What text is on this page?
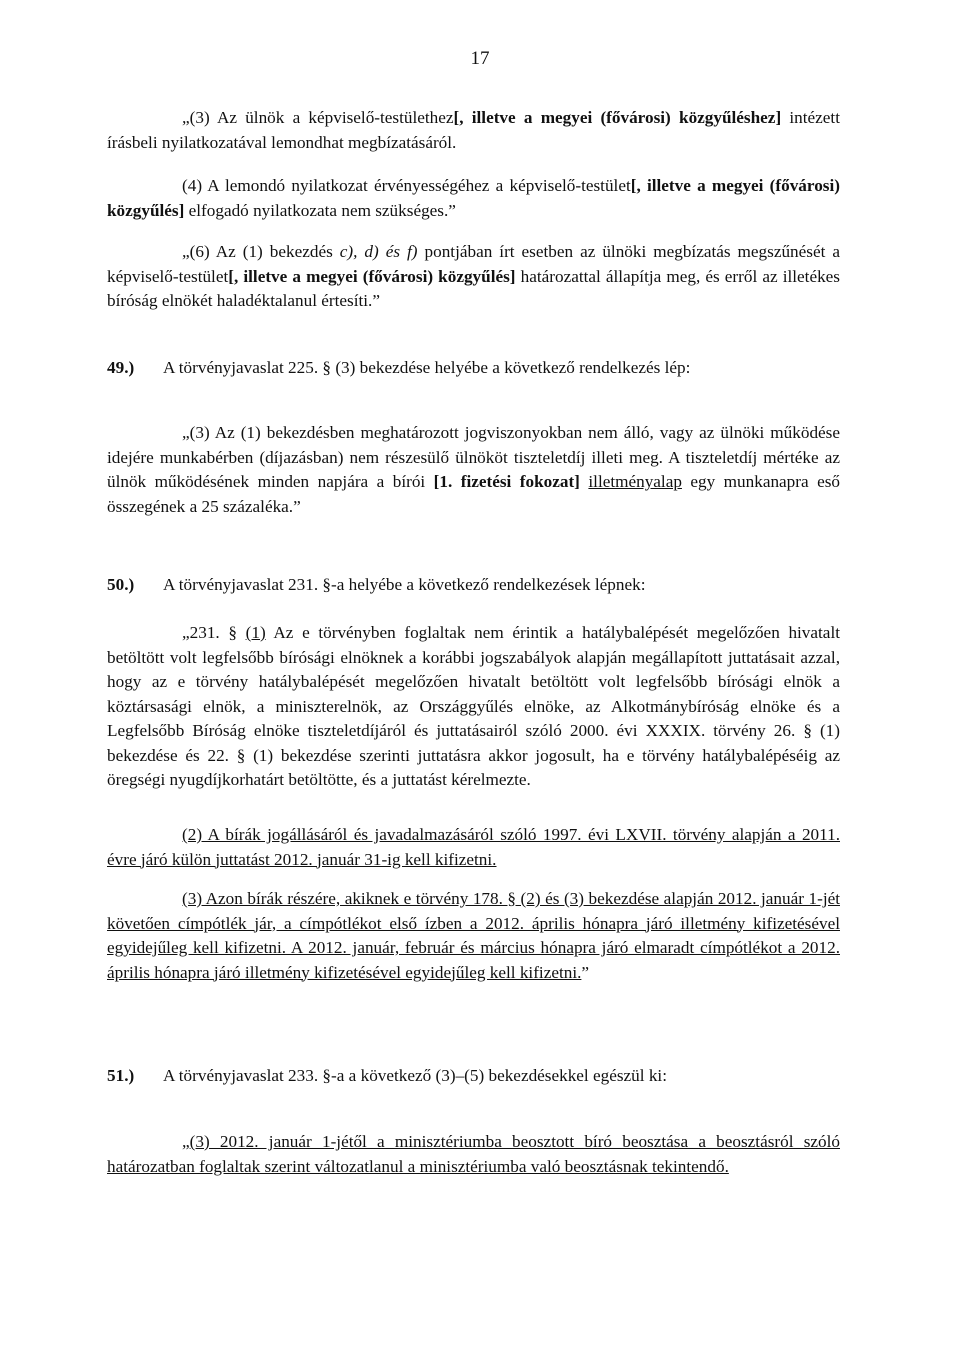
17

„(3) Az ülnök a képviselő-testülethez[, illetve a megyei (fővárosi) közgyűléshez] intézett írásbeli nyilatkozatával lemondhat megbízatásáról.

(4) A lemondó nyilatkozat érvényességéhez a képviselő-testület[, illetve a megyei (fővárosi) közgyűlés] elfogadó nyilatkozata nem szükséges.”

„(6) Az (1) bekezdés c), d) és f) pontjában írt esetben az ülnöki megbízatás megszűnését a képviselő-testület[, illetve a megyei (fővárosi) közgyűlés] határozattal állapítja meg, és erről az illetékes bíróság elnökét haladéktalanul értesíti.”

49.) A törvényjavaslat 225. § (3) bekezdése helyébe a következő rendelkezés lép:

„(3) Az (1) bekezdésben meghatározott jogviszonyokban nem álló, vagy az ülnöki működése idejére munkabérben (díjazásban) nem részesülő ülnököt tiszteletdíj illeti meg. A tiszteletdíj mértéke az ülnök működésének minden napjára a bírói [1. fizetési fokozat] illetményalap egy munkanapra eső összegének a 25 százaléka.”

50.) A törvényjavaslat 231. §-a helyébe a következő rendelkezések lépnek:

„231. § (1) Az e törvényben foglaltak nem érintik a hatálybalépését megelőzően hivatalt betöltött volt legfelsőbb bírósági elnöknek a korábbi jogszabályok alapján megállapított juttatásait azzal, hogy az e törvény hatálybalépését megelőzően hivatalt betöltött volt legfelsőbb bírósági elnök a köztársasági elnök, a miniszterelnök, az Országgyűlés elnöke, az Alkotmánybíróság elnöke és a Legfelsőbb Bíróság elnöke tiszteletdíjáról és juttatásairól szóló 2000. évi XXXIX. törvény 26. § (1) bekezdése és 22. § (1) bekezdése szerinti juttatásra akkor jogosult, ha e törvény hatálybalépéséig az öregségi nyugdíjkorhatárt betöltötte, és a juttatást kérelmezte.

(2) A bírák jogállásáról és javadalmazásáról szóló 1997. évi LXVII. törvény alapján a 2011. évre járó külön juttatást 2012. január 31-ig kell kifizetni.

(3) Azon bírák részére, akiknek e törvény 178. § (2) és (3) bekezdése alapján 2012. január 1-jét követően címpótlék jár, a címpótlékot első ízben a 2012. április hónapra járó illetmény kifizetésével egyidejűleg kell kifizetni. A 2012. január, február és március hónapra járó elmaradt címpótlékot a 2012. április hónapra járó illetmény kifizetésével egyidejűleg kell kifizetni.”

51.) A törvényjavaslat 233. §-a a következő (3)–(5) bekezdésekkel egészül ki:

„(3) 2012. január 1-jétől a minisztériumba beosztott bíró beosztása a beosztásról szóló határozatban foglaltak szerint változatlanul a minisztériumba való beosztásnak tekintendő.
